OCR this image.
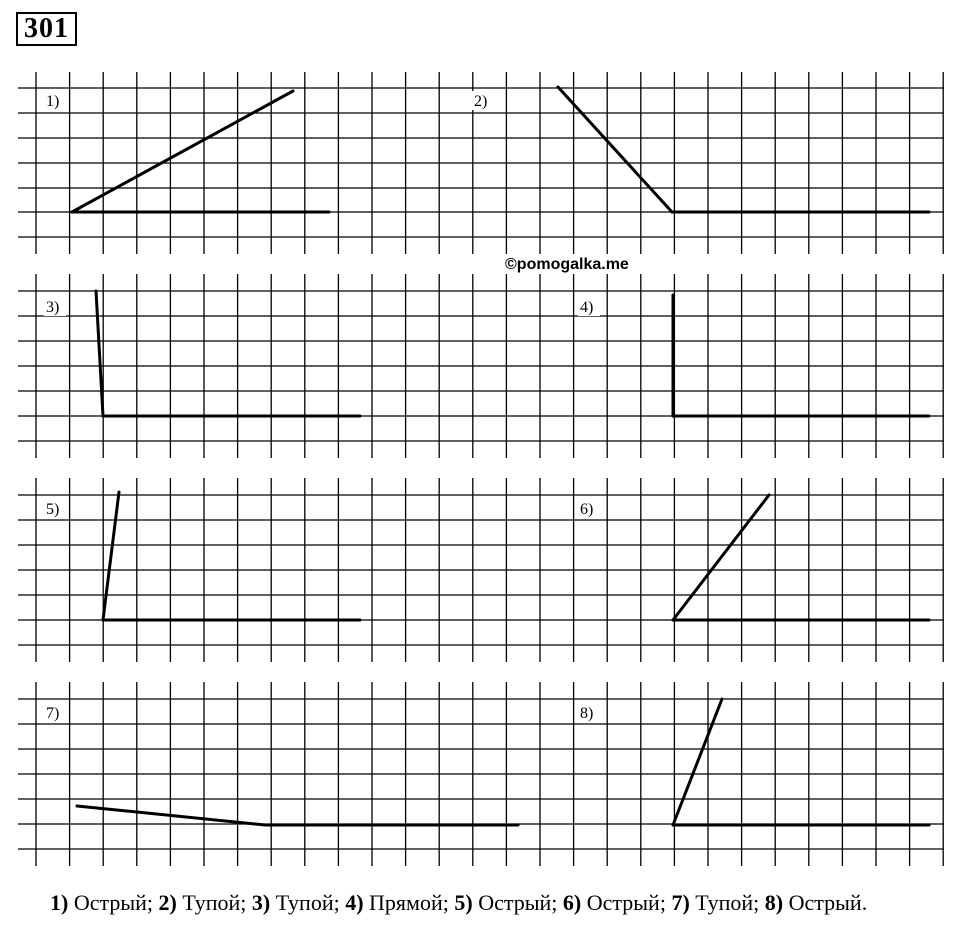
301
1)	2)
3)	4)
5)	6)
7)	8)
©pomogalka.me
1) Острый; 2) Тупой; 3) Тупой; 4) Прямой; 5) Острый; 6) Острый; 7) Тупой; 8) Острый.
